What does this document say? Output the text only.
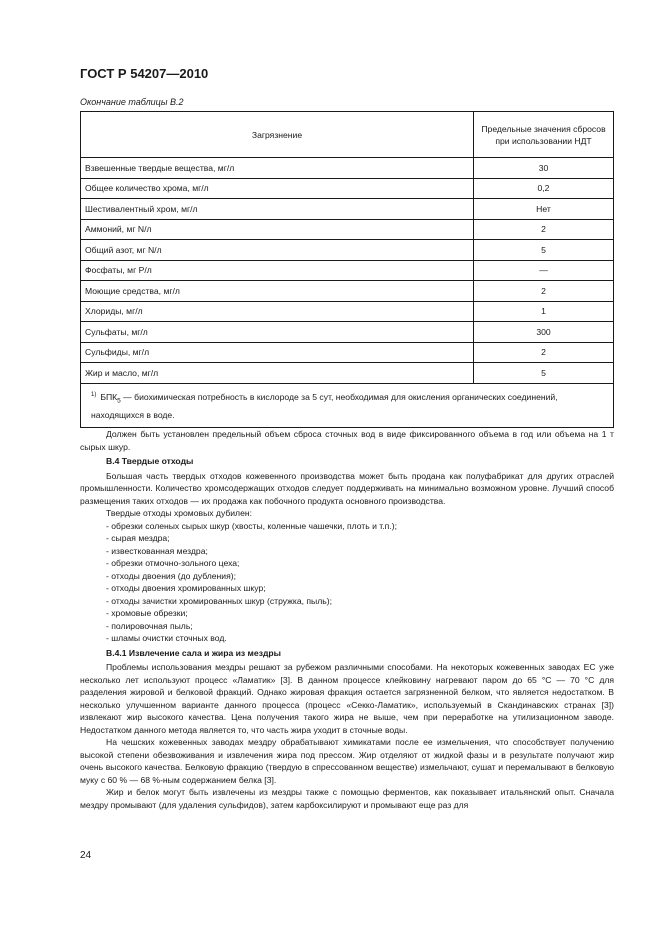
ГОСТ Р 54207—2010
Окончание таблицы В.2
Загрязнение	Предельные значения сбросов
при использовании НДТ
Взвешенные твердые вещества, мг/л	30
Общее количество хрома, мг/л	0,2
Шестивалентный хром, мг/л	Нет
Аммоний, мг N/л	2
Общий азот, мг N/л	5
Фосфаты, мг Р/л	—
Моющие средства, мг/л	2
Хлориды, мг/л	1
Сульфаты, мг/л	300
Сульфиды, мг/л	2
Жир и масло, мг/л	5
$^{1)}$ $БПК_5$ — биохимическая потребность в кислороде за 5 сут, необходимая для окисления органических соединений, находящихся в воде.	

Должен быть установлен предельный объем сброса сточных вод в виде фиксированного объема в год или объема на 1 т сырых шкур.

В.4 Твердые отходы

Большая часть твердых отходов кожевенного производства может быть продана как полуфабрикат для других отраслей промышленности. Количество хромсодержащих отходов следует поддерживать на минимально возможном уровне. Лучший способ размещения таких отходов — их продажа как побочного продукта основного производства.

Твердые отходы хромовых дубилен:

- обрезки соленых сырых шкур (хвосты, коленные чашечки, плоть и т.п.);
- сырая мездра;
- известкованная мездра;
- обрезки отмочно-зольного цеха;
- отходы двоения (до дубления);
- отходы двоения хромированных шкур;
- отходы зачистки хромированных шкур (стружка, пыль);
- хромовые обрезки;
- полировочная пыль;
- шламы очистки сточных вод.

В.4.1 Извлечение сала и жира из мездры

Проблемы использования мездры решают за рубежом различными способами. На некоторых кожевенных заводах ЕС уже несколько лет используют процесс «Ламатик» [3]. В данном процессе клейковину нагревают паром до 65 °С — 70 °С для разделения жировой и белковой фракций. Однако жировая фракция остается загрязненной белком, что является недостатком. В несколько улучшенном варианте данного процесса (процесс «Секко-Ламатик», используемый в Скандинавских странах [3]) извлекают жир высокого качества. Цена получения такого жира не выше, чем при переработке на утилизационном заводе. Недостатком данного метода является то, что часть жира уходит в сточные воды.

На чешских кожевенных заводах мездру обрабатывают химикатами после ее измельчения, что способствует получению высокой степени обезвоживания и извлечения жира под прессом. Жир отделяют от жидкой фазы и в результате получают жир очень высокого качества. Белковую фракцию (твердую в спрессованном веществе) измельчают, сушат и перемалывают в белковую муку с 60 % — 68 %-ным содержанием белка [3].

Жир и белок могут быть извлечены из мездры также с помощью ферментов, как показывает итальянский опыт. Сначала мездру промывают (для удаления сульфидов), затем карбоксилируют и промывают еще раз для

24
